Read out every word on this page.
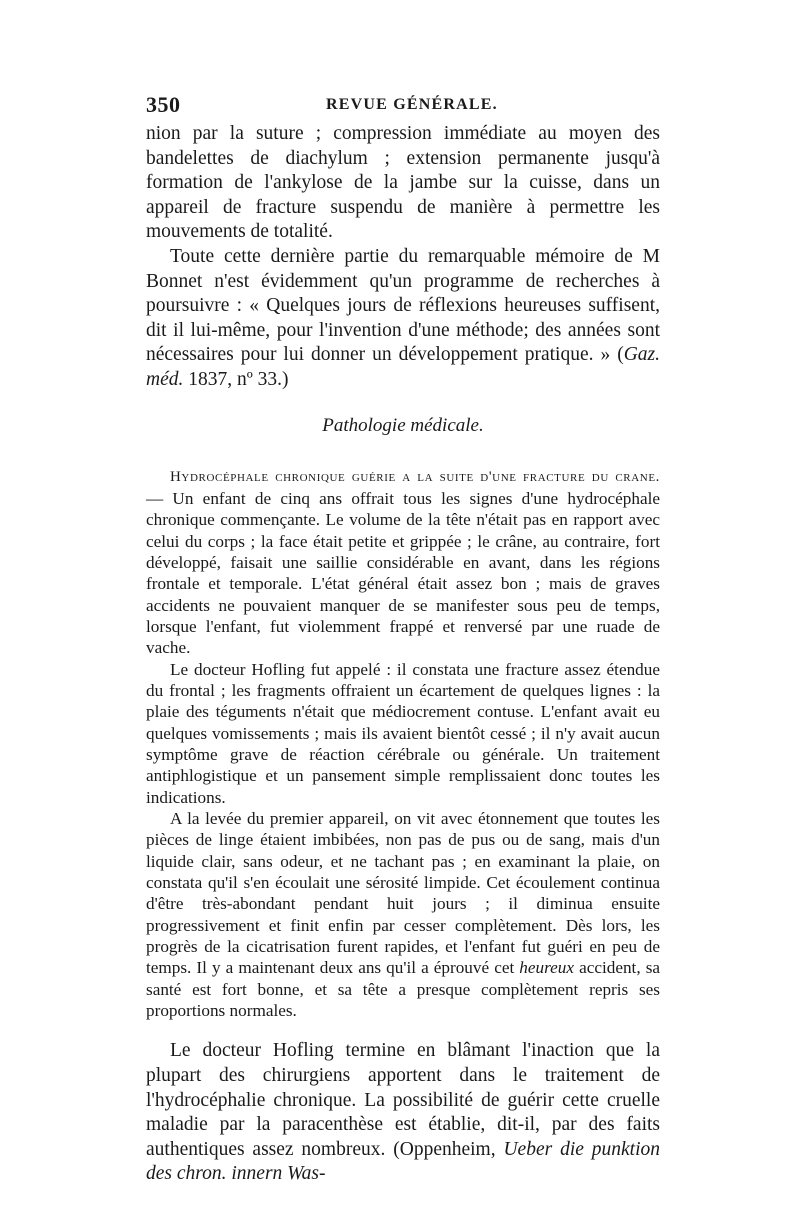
350	REVUE GÉNÉRALE.

nion par la suture ; compression immédiate au moyen des bandelettes de diachylum ; extension permanente jusqu'à formation de l'ankylose de la jambe sur la cuisse, dans un appareil de fracture suspendu de manière à permettre les mouvements de totalité.

Toute cette dernière partie du remarquable mémoire de M Bonnet n'est évidemment qu'un programme de recherches à poursuivre : « Quelques jours de réflexions heureuses suffisent, dit il lui-même, pour l'invention d'une méthode; des années sont nécessaires pour lui donner un développement pratique. » (Gaz. méd. 1837, nº 33.)

Pathologie médicale.

Hydrocéphale chronique guérie a la suite d'une fracture du crane. — Un enfant de cinq ans offrait tous les signes d'une hydrocéphale chronique commençante. Le volume de la tête n'était pas en rapport avec celui du corps ; la face était petite et grippée ; le crâne, au contraire, fort développé, faisait une saillie considérable en avant, dans les régions frontale et temporale. L'état général était assez bon ; mais de graves accidents ne pouvaient manquer de se manifester sous peu de temps, lorsque l'enfant, fut violemment frappé et renversé par une ruade de vache.

Le docteur Hofling fut appelé : il constata une fracture assez étendue du frontal ; les fragments offraient un écartement de quelques lignes : la plaie des téguments n'était que médiocrement contuse. L'enfant avait eu quelques vomissements ; mais ils avaient bientôt cessé ; il n'y avait aucun symptôme grave de réaction cérébrale ou générale. Un traitement antiphlogistique et un pansement simple remplissaient donc toutes les indications.

A la levée du premier appareil, on vit avec étonnement que toutes les pièces de linge étaient imbibées, non pas de pus ou de sang, mais d'un liquide clair, sans odeur, et ne tachant pas ; en examinant la plaie, on constata qu'il s'en écoulait une sérosité limpide. Cet écoulement continua d'être très-abondant pendant huit jours ; il diminua ensuite progressivement et finit enfin par cesser complètement. Dès lors, les progrès de la cicatrisation furent rapides, et l'enfant fut guéri en peu de temps. Il y a maintenant deux ans qu'il a éprouvé cet heureux accident, sa santé est fort bonne, et sa tête a presque complètement repris ses proportions normales.

Le docteur Hofling termine en blâmant l'inaction que la plupart des chirurgiens apportent dans le traitement de l'hydrocéphalie chronique. La possibilité de guérir cette cruelle maladie par la paracenthèse est établie, dit-il, par des faits authentiques assez nombreux. (Oppenheim, Ueber die punktion des chron. innern Was-
